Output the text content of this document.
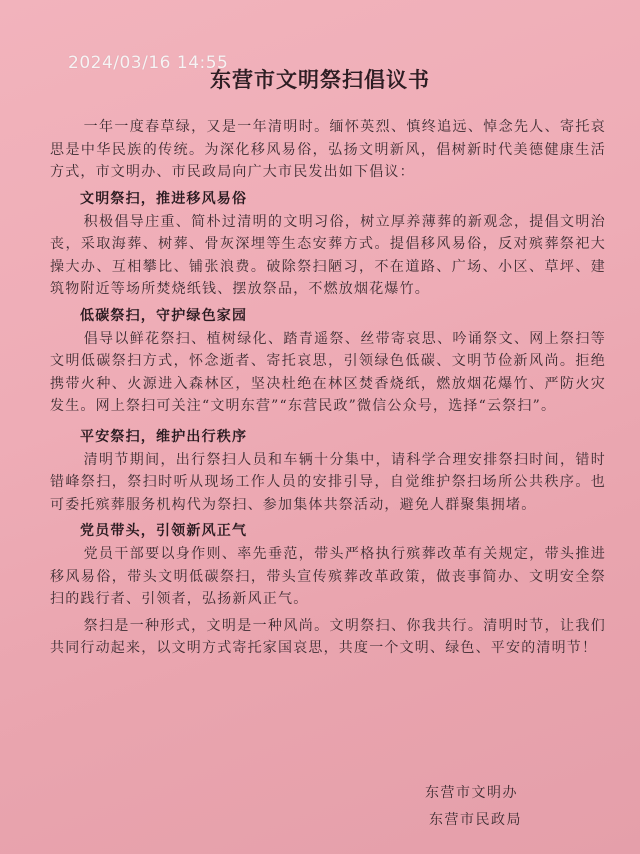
2024/03/16 14:55
东营市文明祭扫倡议书

一年一度春草绿，又是一年清明时。缅怀英烈、慎终追远、悼念先人、寄托哀思是中华民族的传统。为深化移风易俗，弘扬文明新风，倡树新时代美德健康生活方式，市文明办、市民政局向广大市民发出如下倡议：

文明祭扫，推进移风易俗

积极倡导庄重、简朴过清明的文明习俗，树立厚养薄葬的新观念，提倡文明治丧，采取海葬、树葬、骨灰深埋等生态安葬方式。提倡移风易俗，反对殡葬祭祀大操大办、互相攀比、铺张浪费。破除祭扫陋习，不在道路、广场、小区、草坪、建筑物附近等场所焚烧纸钱、摆放祭品，不燃放烟花爆竹。

低碳祭扫，守护绿色家园

倡导以鲜花祭扫、植树绿化、踏青遥祭、丝带寄哀思、吟诵祭文、网上祭扫等文明低碳祭扫方式，怀念逝者、寄托哀思，引领绿色低碳、文明节俭新风尚。拒绝携带火种、火源进入森林区，坚决杜绝在林区焚香烧纸，燃放烟花爆竹、严防火灾发生。网上祭扫可关注“文明东营”“东营民政”微信公众号，选择“云祭扫”。

平安祭扫，维护出行秩序

清明节期间，出行祭扫人员和车辆十分集中，请科学合理安排祭扫时间，错时错峰祭扫，祭扫时听从现场工作人员的安排引导，自觉维护祭扫场所公共秩序。也可委托殡葬服务机构代为祭扫、参加集体共祭活动，避免人群聚集拥堵。

党员带头，引领新风正气

党员干部要以身作则、率先垂范，带头严格执行殡葬改革有关规定，带头推进移风易俗，带头文明低碳祭扫，带头宣传殡葬改革政策，做丧事简办、文明安全祭扫的践行者、引领者，弘扬新风正气。

祭扫是一种形式，文明是一种风尚。文明祭扫、你我共行。清明时节，让我们共同行动起来，以文明方式寄托家国哀思，共度一个文明、绿色、平安的清明节！

东营市文明办
东营市民政局
